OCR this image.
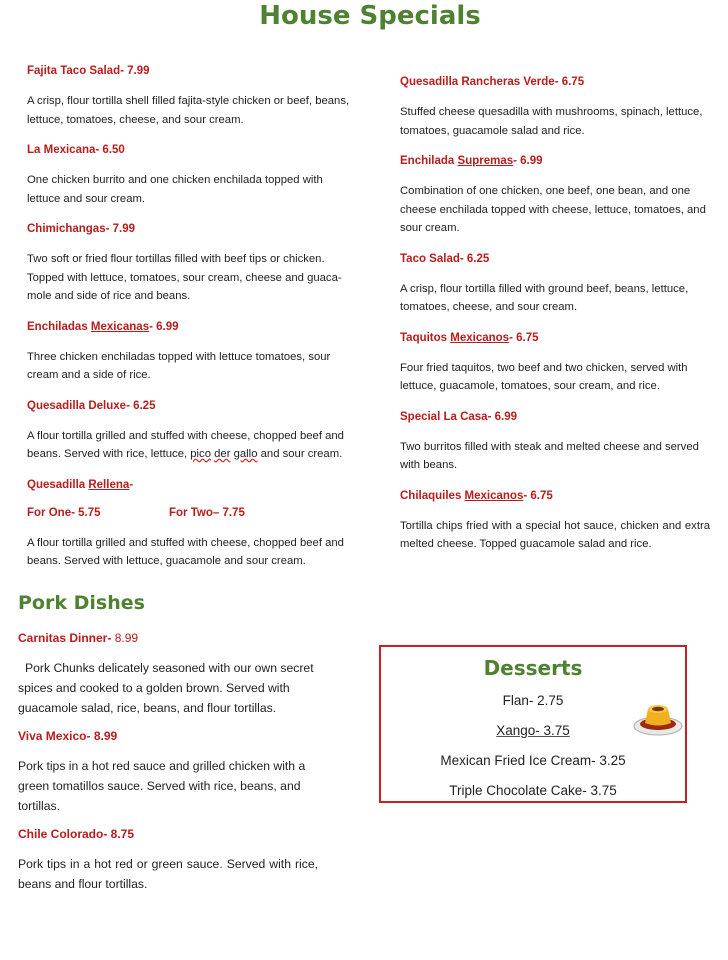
House Specials
Fajita Taco Salad- 7.99
A crisp, flour tortilla shell filled fajita-style chicken or beef, beans, lettuce, tomatoes, cheese, and sour cream.
La Mexicana- 6.50
One chicken burrito and one chicken enchilada topped with lettuce and sour cream.
Chimichangas- 7.99
Two soft or fried flour tortillas filled with beef tips or chicken. Topped with lettuce, tomatoes, sour cream, cheese and guaca-mole and side of rice and beans.
Enchiladas Mexicanas- 6.99
Three chicken enchiladas topped with lettuce tomatoes, sour cream and a side of rice.
Quesadilla Deluxe- 6.25
A flour tortilla grilled and stuffed with cheese, chopped beef and beans. Served with rice, lettuce, pico der gallo and sour cream.
Quesadilla Rellena-
For One- 5.75	For Two– 7.75
A flour tortilla grilled and stuffed with cheese, chopped beef and beans. Served with lettuce, guacamole and sour cream.
Quesadilla Rancheras Verde- 6.75
Stuffed cheese quesadilla with mushrooms, spinach, lettuce, tomatoes, guacamole salad and rice.
Enchilada Supremas- 6.99
Combination of one chicken, one beef, one bean, and one cheese enchilada topped with cheese, lettuce, tomatoes, and sour cream.
Taco Salad- 6.25
A crisp, flour tortilla filled with ground beef, beans, lettuce, tomatoes, cheese, and sour cream.
Taquitos Mexicanos- 6.75
Four fried taquitos, two beef and two chicken, served with lettuce, guacamole, tomatoes, sour cream, and rice.
Special La Casa- 6.99
Two burritos filled with steak and melted cheese and served with beans.
Chilaquiles Mexicanos- 6.75
Tortilla chips fried with a special hot sauce, chicken and extra melted cheese. Topped guacamole salad and rice.
Pork Dishes
Carnitas Dinner- 8.99
Pork Chunks delicately seasoned with our own secret spices and cooked to a golden brown. Served with guacamole salad, rice, beans, and flour tortillas.
Viva Mexico- 8.99
Pork tips in a hot red sauce and grilled chicken with a green tomatillos sauce. Served with rice, beans, and tortillas.
Chile Colorado- 8.75
Pork tips in a hot red or green sauce. Served with rice, beans and flour tortillas.
Desserts
Flan- 2.75
Xango- 3.75
Mexican Fried Ice Cream- 3.25
Triple Chocolate Cake- 3.75
